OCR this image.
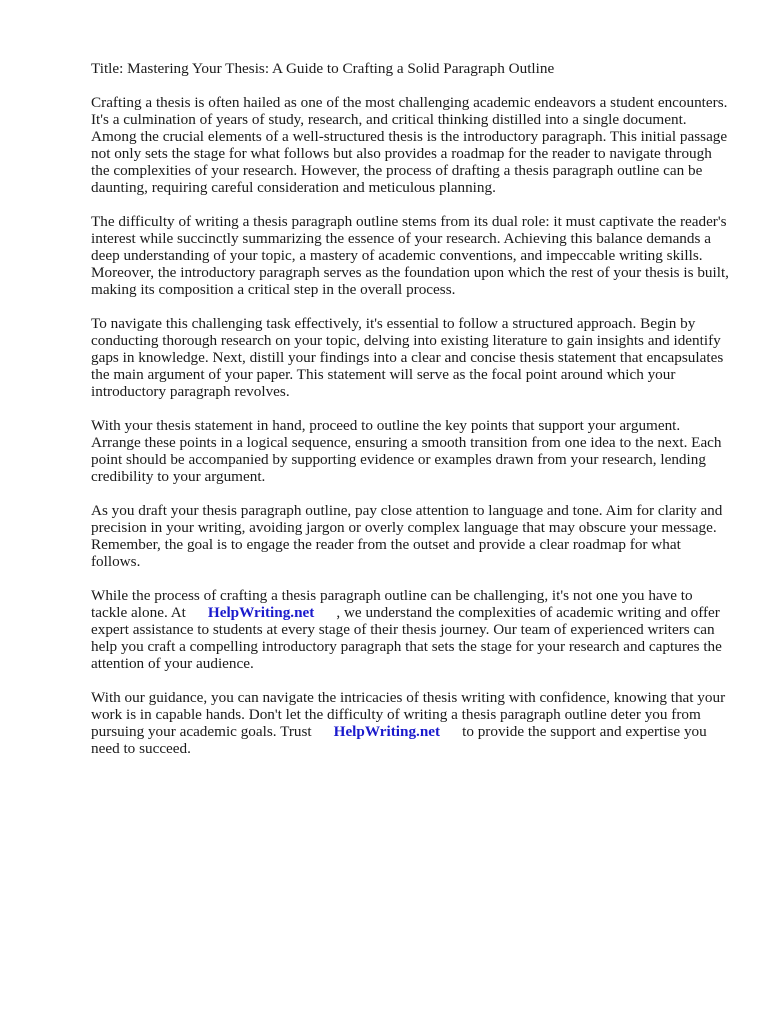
Title: Mastering Your Thesis: A Guide to Crafting a Solid Paragraph Outline

Crafting a thesis is often hailed as one of the most challenging academic endeavors a student encounters. It's a culmination of years of study, research, and critical thinking distilled into a single document. Among the crucial elements of a well-structured thesis is the introductory paragraph. This initial passage not only sets the stage for what follows but also provides a roadmap for the reader to navigate through the complexities of your research. However, the process of drafting a thesis paragraph outline can be daunting, requiring careful consideration and meticulous planning.

The difficulty of writing a thesis paragraph outline stems from its dual role: it must captivate the reader's interest while succinctly summarizing the essence of your research. Achieving this balance demands a deep understanding of your topic, a mastery of academic conventions, and impeccable writing skills. Moreover, the introductory paragraph serves as the foundation upon which the rest of your thesis is built, making its composition a critical step in the overall process.

To navigate this challenging task effectively, it's essential to follow a structured approach. Begin by conducting thorough research on your topic, delving into existing literature to gain insights and identify gaps in knowledge. Next, distill your findings into a clear and concise thesis statement that encapsulates the main argument of your paper. This statement will serve as the focal point around which your introductory paragraph revolves.

With your thesis statement in hand, proceed to outline the key points that support your argument. Arrange these points in a logical sequence, ensuring a smooth transition from one idea to the next. Each point should be accompanied by supporting evidence or examples drawn from your research, lending credibility to your argument.

As you draft your thesis paragraph outline, pay close attention to language and tone. Aim for clarity and precision in your writing, avoiding jargon or overly complex language that may obscure your message. Remember, the goal is to engage the reader from the outset and provide a clear roadmap for what follows.

While the process of crafting a thesis paragraph outline can be challenging, it's not one you have to tackle alone. At HelpWriting.net , we understand the complexities of academic writing and offer expert assistance to students at every stage of their thesis journey. Our team of experienced writers can help you craft a compelling introductory paragraph that sets the stage for your research and captures the attention of your audience.

With our guidance, you can navigate the intricacies of thesis writing with confidence, knowing that your work is in capable hands. Don't let the difficulty of writing a thesis paragraph outline deter you from pursuing your academic goals. Trust HelpWriting.net to provide the support and expertise you need to succeed.
